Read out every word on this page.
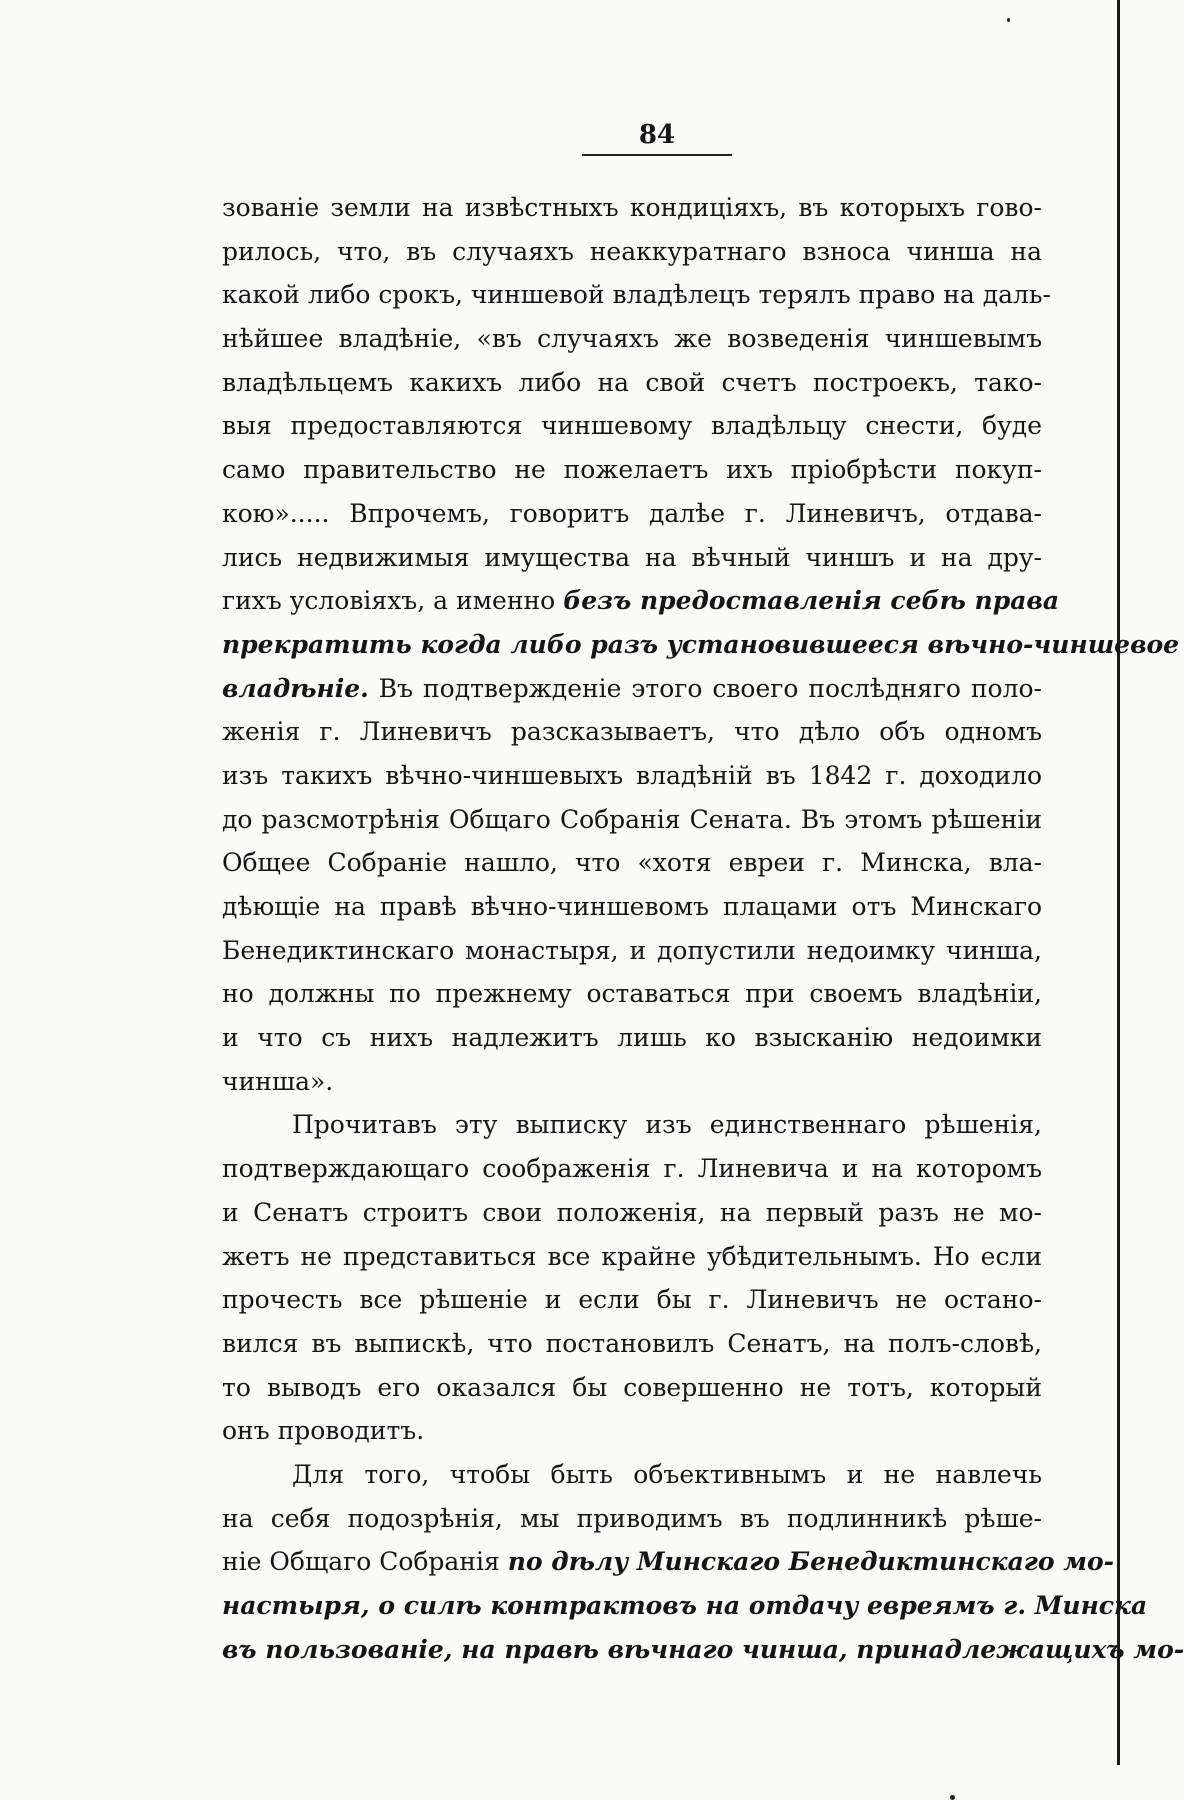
84
зованіе земли на извѣстныхъ кондиціяхъ, въ которыхъ гово-
рилось, что, въ случаяхъ неаккуратнаго взноса чинша на
какой либо срокъ, чиншевой владѣлецъ терялъ право на даль-
нѣйшее владѣніе, «въ случаяхъ же возведенія чиншевымъ
владѣльцемъ какихъ либо на свой счетъ построекъ, тако-
выя предоставляются чиншевому владѣльцу снести, буде
само правительство не пожелаетъ ихъ пріобрѣсти покуп-
кою»..... Впрочемъ, говоритъ далѣе г. Линевичъ, отдава-
лись недвижимыя имущества на вѣчный чиншъ и на дру-
гихъ условіяхъ, а именно безъ предоставленія себѣ права
прекратить когда либо разъ установившееся вѣчно-чиншевое
владѣніе. Въ подтвержденіе этого своего послѣдняго поло-
женія г. Линевичъ разсказываетъ, что дѣло объ одномъ
изъ такихъ вѣчно-чиншевыхъ владѣній въ 1842 г. доходило
до разсмотрѣнія Общаго Собранія Сената. Въ этомъ рѣшеніи
Общее Собраніе нашло, что «хотя евреи г. Минска, вла-
дѣющіе на правѣ вѣчно-чиншевомъ плацами отъ Минскаго
Бенедиктинскаго монастыря, и допустили недоимку чинша,
но должны по прежнему оставаться при своемъ владѣніи,
и что съ нихъ надлежитъ лишь ко взысканію недоимки
чинша».
Прочитавъ эту выписку изъ единственнаго рѣшенія,
подтверждающаго соображенія г. Линевича и на которомъ
и Сенатъ строитъ свои положенія, на первый разъ не мо-
жетъ не представиться все крайне убѣдительнымъ. Но если
прочесть все рѣшеніе и если бы г. Линевичъ не остано-
вился въ выпискѣ, что постановилъ Сенатъ, на полъ-словѣ,
то выводъ его оказался бы совершенно не тотъ, который
онъ проводитъ.
Для того, чтобы быть объективнымъ и не навлечь
на себя подозрѣнія, мы приводимъ въ подлинникѣ рѣше-
ніе Общаго Собранія по дѣлу Минскаго Бенедиктинскаго мо-
настыря, о силѣ контрактовъ на отдачу евреямъ г. Минска
въ пользованіе, на правѣ вѣчнаго чинша, принадлежащихъ мо-
